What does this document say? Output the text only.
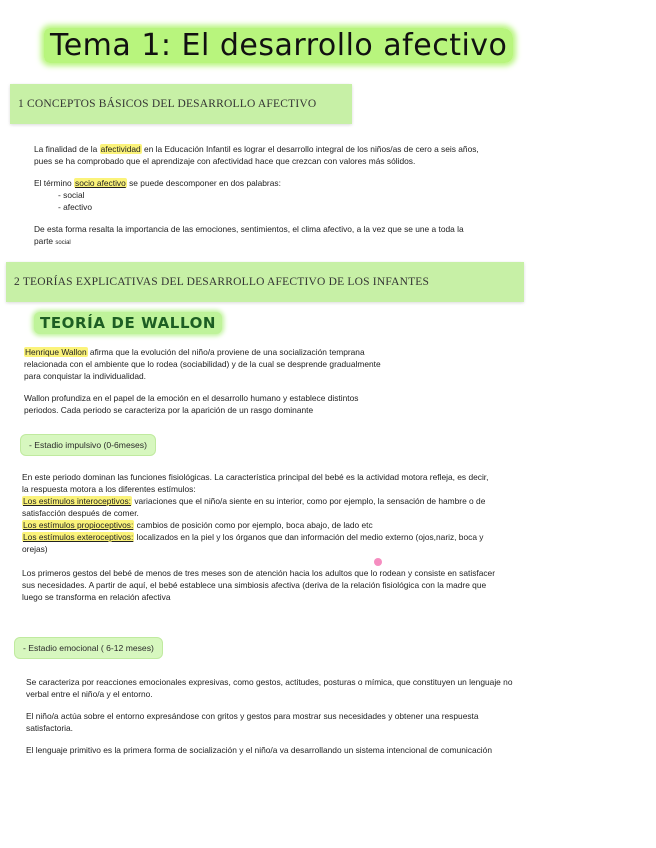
Tema 1: El desarrollo afectivo
1 CONCEPTOS BÁSICOS DEL DESARROLLO AFECTIVO

La finalidad de la afectividad en la Educación Infantil es lograr el desarrollo integral de los niños/as de cero a seis años,
pues se ha comprobado que el aprendizaje con afectividad hace que crezcan con valores más sólidos.

El término socio afectivo se puede descomponer en dos palabras:

- social
- afectivo

De esta forma resalta la importancia de las emociones, sentimientos, el clima afectivo, a la vez que se une a toda la
parte social

2 TEORÍAS EXPLICATIVAS DEL DESARROLLO AFECTIVO DE LOS INFANTES
TEORÍA DE WALLON

Henrique Wallon afirma que la evolución del niño/a proviene de una socialización temprana
relacionada con el ambiente que lo rodea (sociabilidad) y de la cual se desprende gradualmente
para conquistar la individualidad.

Wallon profundiza en el papel de la emoción en el desarrollo humano y establece distintos
periodos. Cada periodo se caracteriza por la aparición de un rasgo dominante

- Estadio impulsivo (0-6meses)

En este periodo dominan las funciones fisiológicas. La característica principal del bebé es la actividad motora refleja, es decir,
la respuesta motora a los diferentes estímulos:
Los estímulos interoceptivos: variaciones que el niño/a siente en su interior, como por ejemplo, la sensación de hambre o de
satisfacción después de comer.
Los estímulos propioceptivos: cambios de posición como por ejemplo, boca abajo, de lado etc
Los estímulos exteroceptivos: localizados en la piel y los órganos que dan información del medio externo (ojos,nariz, boca y
orejas)

Los primeros gestos del bebé de menos de tres meses son de atención hacia los adultos que lo rodean y consiste en satisfacer
sus necesidades. A partir de aquí, el bebé establece una simbiosis afectiva (deriva de la relación fisiológica con la madre que
luego se transforma en relación afectiva

- Estadio emocional ( 6-12 meses)

Se caracteriza por reacciones emocionales expresivas, como gestos, actitudes, posturas o mímica, que constituyen un lenguaje no
verbal entre el niño/a y el entorno.

El niño/a actúa sobre el entorno expresándose con gritos y gestos para mostrar sus necesidades y obtener una respuesta
satisfactoria.

El lenguaje primitivo es la primera forma de socialización y el niño/a va desarrollando un sistema intencional de comunicación
